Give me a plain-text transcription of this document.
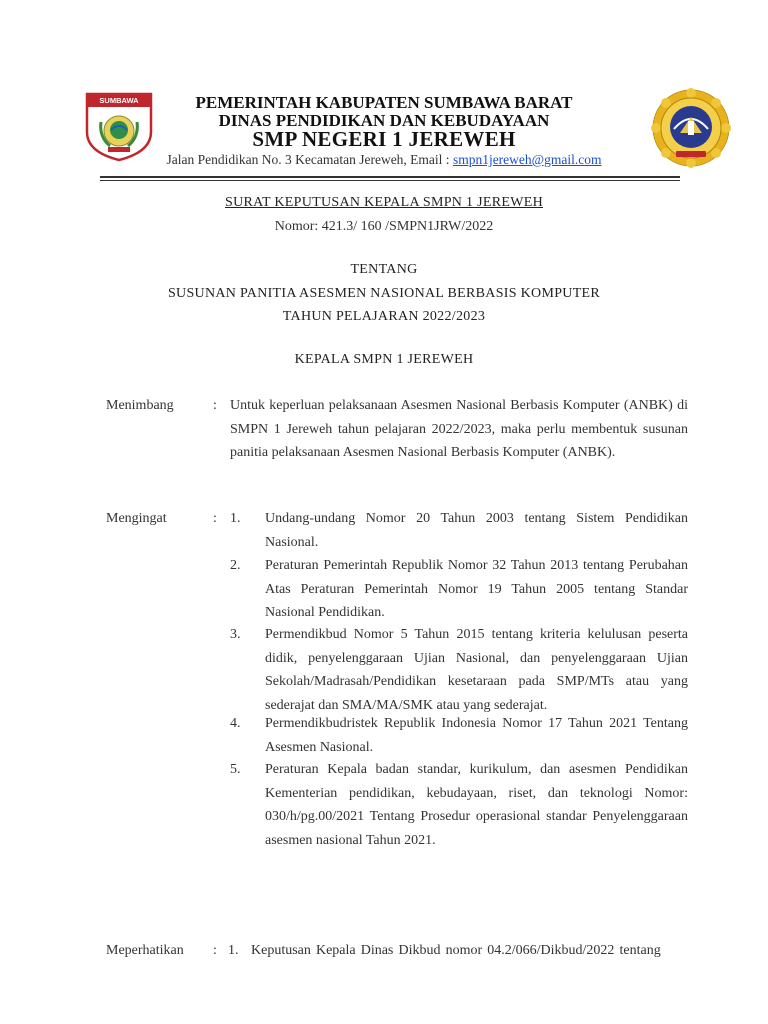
SUMBAWA BARAT	PEMERINTAH KABUPATEN SUMBAWA BARAT
DINAS PENDIDIKAN DAN KEBUDAYAAN
SMP NEGERI 1 JEREWEH
Jalan Pendidikan No. 3 Kecamatan Jereweh, Email : smpn1jereweh@gmail.com
SURAT KEPUTUSAN KEPALA SMPN 1 JEREWEH
Nomor: 421.3/ 160 /SMPN1JRW/2022
TENTANG
SUSUNAN PANITIA ASESMEN NASIONAL BERBASIS KOMPUTER
TAHUN PELAJARAN 2022/2023
KEPALA SMPN 1 JEREWEH
Menimbang	: Untuk keperluan pelaksanaan Asesmen Nasional Berbasis Komputer (ANBK) di SMPN 1 Jereweh tahun pelajaran 2022/2023, maka perlu membentuk susunan panitia pelaksanaan Asesmen Nasional Berbasis Komputer (ANBK).
Mengingat	: 1. Undang-undang Nomor 20 Tahun 2003 tentang Sistem Pendidikan Nasional.
2. Peraturan Pemerintah Republik Nomor 32 Tahun 2013 tentang Perubahan Atas Peraturan Pemerintah Nomor 19 Tahun 2005 tentang Standar Nasional Pendidikan.
3. Permendikbud Nomor 5 Tahun 2015 tentang kriteria kelulusan peserta didik, penyelenggaraan Ujian Nasional, dan penyelenggaraan Ujian Sekolah/Madrasah/Pendidikan kesetaraan pada SMP/MTs atau yang sederajat dan SMA/MA/SMK atau yang sederajat.
4. Permendikbudristek Republik Indonesia Nomor 17 Tahun 2021 Tentang Asesmen Nasional.
5. Peraturan Kepala badan standar, kurikulum, dan asesmen Pendidikan Kementerian pendidikan, kebudayaan, riset, dan teknologi Nomor: 030/h/pg.00/2021 Tentang Prosedur operasional standar Penyelenggaraan asesmen nasional Tahun 2021.
Meperhatikan : 1. Keputusan Kepala Dinas Dikbud nomor 04.2/066/Dikbud/2022 tentang
